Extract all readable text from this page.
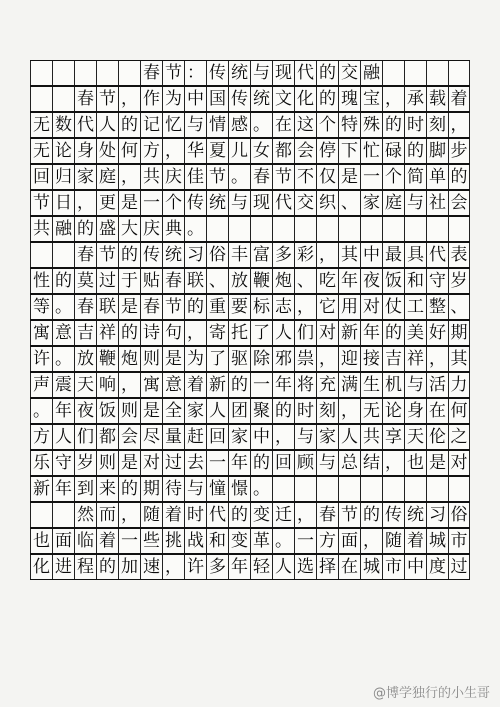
春 节 ： 传 统 与 现 代 的 交 融
春 节 ， 作 为 中 国 传 统 文 化 的 瑰 宝 ， 承 载 着
无 数 代 人 的 记 忆 与 情 感 。 在 这 个 特 殊 的 时 刻 ，
无 论 身 处 何 方 ， 华 夏 儿 女 都 会 停 下 忙 碌 的 脚 步
回 归 家 庭 ， 共 庆 佳 节 。 春 节 不 仅 是 一 个 简 单 的
节 日 ， 更 是 一 个 传 统 与 现 代 交 织 、 家 庭 与 社 会
共 融 的 盛 大 庆 典 。
春 节 的 传 统 习 俗 丰 富 多 彩 ， 其 中 最 具 代 表
性 的 莫 过 于 贴 春 联 、 放 鞭 炮 、 吃 年 夜 饭 和 守 岁
等 。 春 联 是 春 节 的 重 要 标 志 ， 它 用 对 仗 工 整 、
寓 意 吉 祥 的 诗 句 ， 寄 托 了 人 们 对 新 年 的 美 好 期
许 。 放 鞭 炮 则 是 为 了 驱 除 邪 祟 ， 迎 接 吉 祥 ， 其
声 震 天 响 ， 寓 意 着 新 的 一 年 将 充 满 生 机 与 活 力
。 年 夜 饭 则 是 全 家 人 团 聚 的 时 刻 ， 无 论 身 在 何
方 人 们 都 会 尽 量 赶 回 家 中 ， 与 家 人 共 享 天 伦 之
乐 守 岁 则 是 对 过 去 一 年 的 回 顾 与 总 结 ， 也 是 对
新 年 到 来 的 期 待 与 憧 憬 。
然 而 ， 随 着 时 代 的 变 迁 ， 春 节 的 传 统 习 俗
也 面 临 着 一 些 挑 战 和 变 革 。 一 方 面 ， 随 着 城 市
化 进 程 的 加 速 ， 许 多 年 轻 人 选 择 在 城 市 中 度 过
@博学独行的小生哥
